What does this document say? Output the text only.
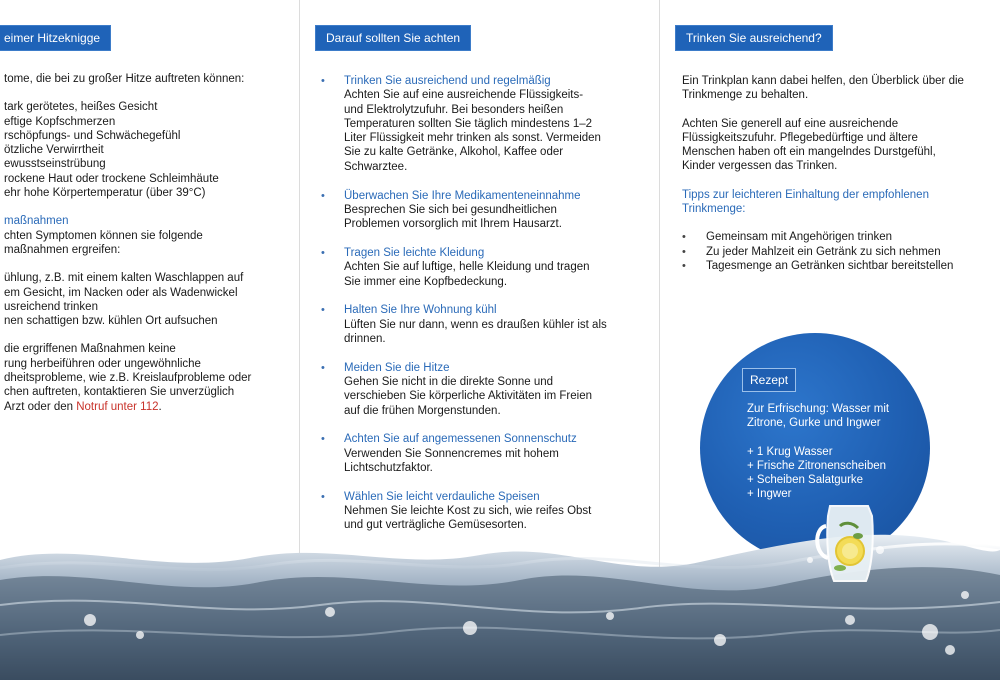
eimer Hitzeknigge
tome, die bei zu großer Hitze auftreten können:
tark gerötetes, heißes Gesicht
eftige Kopfschmerzen
rschöpfungs- und Schwächegefühl
ötzliche Verwirrtheit
ewusstseinstrübung
rockene Haut oder trockene Schleimhäute
ehr hohe Körpertemperatur (über 39°C)
maßnahmen
chten Symptomen können sie folgende
maßnahmen ergreifen:
ühlung, z.B. mit einem kalten Waschlappen auf
em Gesicht, im Nacken oder als Wadenwickel
usreichend trinken
nen schattigen bzw. kühlen Ort aufsuchen
die ergriffenen Maßnahmen keine
rung herbeiführen oder ungewöhnliche
dheitsprobleme, wie z.B. Kreislaufprobleme oder
chen auftreten, kontaktieren Sie unverzüglich
Arzt oder den Notruf unter 112.
Darauf sollten Sie achten
• Trinken Sie ausreichend und regelmäßig
Achten Sie auf eine ausreichende Flüssigkeits-
und Elektrolytzufuhr. Bei besonders heißen
Temperaturen sollten Sie täglich mindestens 1–2
Liter Flüssigkeit mehr trinken als sonst. Vermeiden
Sie zu kalte Getränke, Alkohol, Kaffee oder
Schwarztee.
• Überwachen Sie Ihre Medikamenteneinnahme
Besprechen Sie sich bei gesundheitlichen
Problemen vorsorglich mit Ihrem Hausarzt.
• Tragen Sie leichte Kleidung
Achten Sie auf luftige, helle Kleidung und tragen
Sie immer eine Kopfbedeckung.
• Halten Sie Ihre Wohnung kühl
Lüften Sie nur dann, wenn es draußen kühler ist als
drinnen.
• Meiden Sie die Hitze
Gehen Sie nicht in die direkte Sonne und
verschieben Sie körperliche Aktivitäten im Freien
auf die frühen Morgenstunden.
• Achten Sie auf angemessenen Sonnenschutz
Verwenden Sie Sonnencremes mit hohem
Lichtschutzfaktor.
• Wählen Sie leicht verdauliche Speisen
Nehmen Sie leichte Kost zu sich, wie reifes Obst
und gut verträgliche Gemüsesorten.
Trinken Sie ausreichend?
Ein Trinkplan kann dabei helfen, den Überblick über die
Trinkmenge zu behalten.
Achten Sie generell auf eine ausreichende
Flüssigkeitszufuhr. Pflegebedürftige und ältere
Menschen haben oft ein mangelndes Durstgefühl,
Kinder vergessen das Trinken.
Tipps zur leichteren Einhaltung der empfohlenen
Trinkmenge:
• Gemeinsam mit Angehörigen trinken
• Zu jeder Mahlzeit ein Getränk zu sich nehmen
• Tagesmenge an Getränken sichtbar bereitstellen
Rezept
Zur Erfrischung: Wasser mit
Zitrone, Gurke und Ingwer
+ 1 Krug Wasser
+ Frische Zitronenscheiben
+ Scheiben Salatgurke
+ Ingwer
